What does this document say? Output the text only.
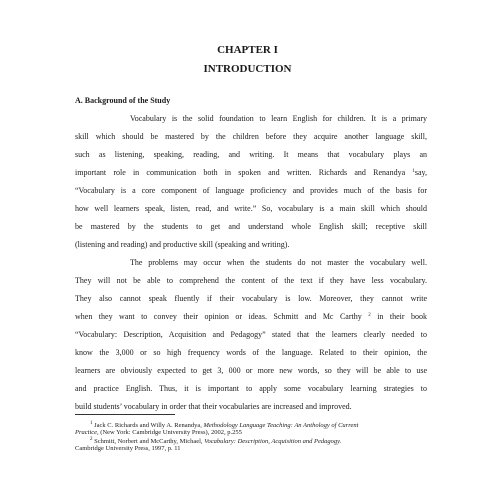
CHAPTER I
INTRODUCTION
A. Background of the Study
Vocabulary is the solid foundation to learn English for children. It is a primary
skill which should be mastered by the children before they acquire another language skill,
such as listening, speaking, reading, and writing. It means that vocabulary plays an
important role in communication both in spoken and written. Richards and Renandya $^1$say,
“Vocabulary is a core component of language proficiency and provides much of the basis for
how well learners speak, listen, read, and write.” So, vocabulary is a main skill which should
be mastered by the students to get and understand whole English skill; receptive skill
(listening and reading) and productive skill (speaking and writing).
The problems may occur when the students do not master the vocabulary well.
They will not be able to comprehend the content of the text if they have less vocabulary.
They also cannot speak fluently if their vocabulary is low. Moreover, they cannot write
when they want to convey their opinion or ideas. Schmitt and Mc Carthy $^2$ in their book
“Vocabulary: Description, Acquisition and Pedagogy” stated that the learners clearly needed to
know the 3,000 or so high frequency words of the language. Related to their opinion, the
learners are obviously expected to get 3, 000 or more new words, so they will be able to use
and practice English. Thus, it is important to apply some vocabulary learning strategies to
build students’ vocabulary in order that their vocabularies are increased and improved.
$^1$ Jack C. Richards and Willy A. Renandya, Methodology Language Teaching: An Anthology of Current
Practice, (New York: Cambridge University Press), 2002, p.255
$^2$ Schmitt, Norbert and McCarthy, Michael, Vocabulary: Description, Acquisition and Pedagogy.
Cambridge University Press, 1997, p. 11
